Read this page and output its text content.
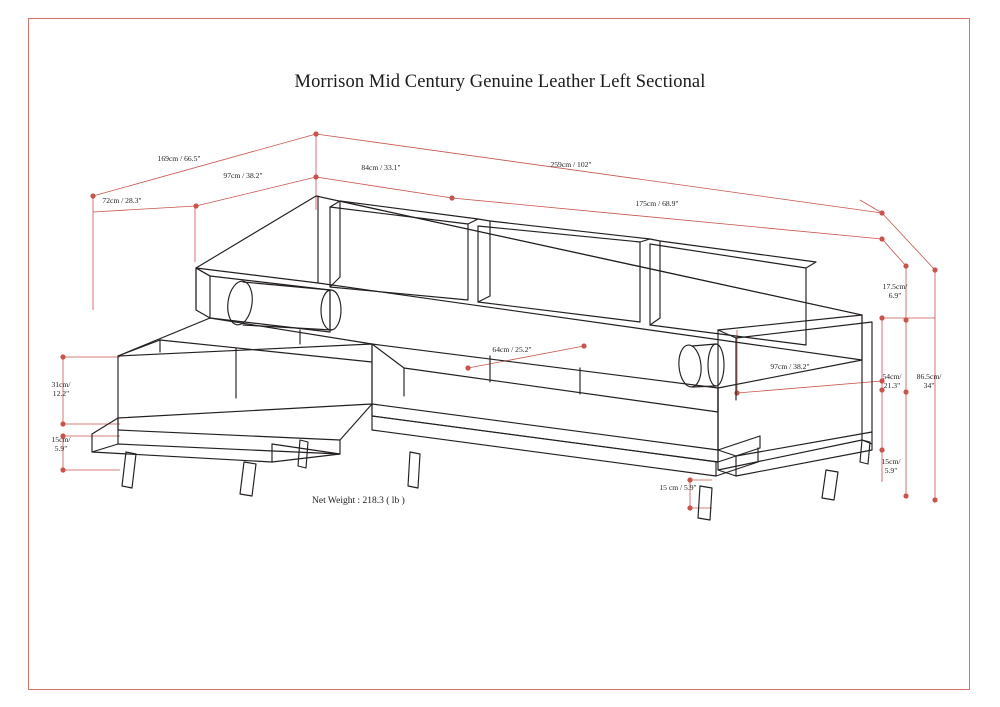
Morrison Mid Century Genuine Leather Left Sectional
169cm / 66.5"
72cm / 28.3"
97cm / 38.2"
84cm / 33.1"	259cm / 102"
175cm / 68.9"
64cm / 25.2"
97cm / 38.2"
17.5cm/
6.9"
54cm/
21.3"
86.5cm/
34"
15cm/
5.9"
31cm/
12.2"
15cm/
5.9"
15 cm / 5.9"
Net Weight : 218.3 ( lb )
